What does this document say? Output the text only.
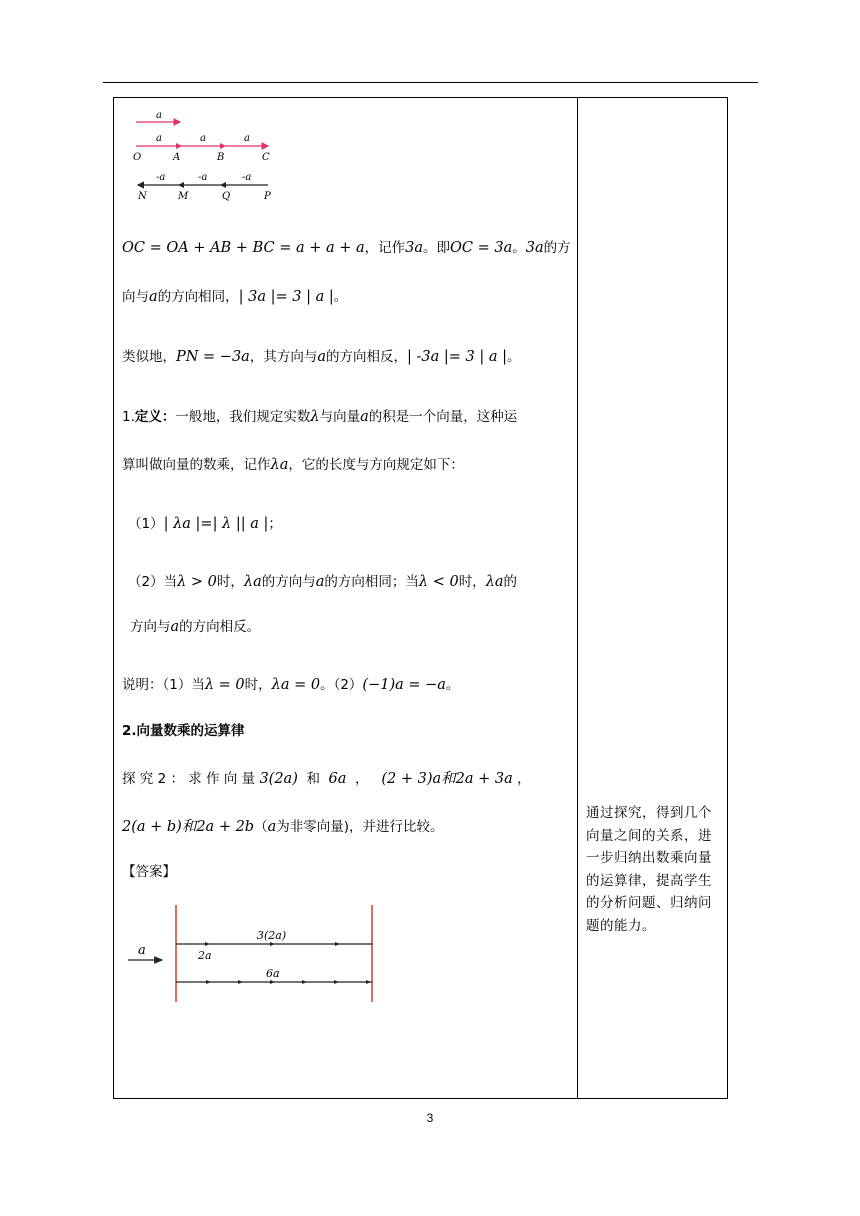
a
a	a	a
O	A	B	C
-a	-a	-a
N	M	Q	P
OC = OA + AB + BC = a + a + a，记作3a。即OC = 3a。3a的方
向与a的方向相同，| 3a |= 3 | a |。
类似地，PN = −3a，其方向与a的方向相反，| -3a |= 3 | a |。
1.定义：一般地，我们规定实数λ与向量a的积是一个向量，这种运
算叫做向量的数乘，记作λa，它的长度与方向规定如下：
（1）| λa |=| λ || a |；
（2）当λ > 0时，λa的方向与a的方向相同；当λ < 0时，λa的
方向与a的方向相反。
说明：（1）当λ = 0时，λa = 0。（2）(−1)a = −a。
2.向量数乘的运算律
探 究 2 ： 求 作 向 量 3(2a) 和 6a ， (2 + 3)a和2a + 3a ，
2(a + b)和2a + 2b（a为非零向量)，并进行比较。
【答案】
a
3(2a)
2a
6a
通过探究，得到几个向量之间的关系，进一步归纳出数乘向量的运算律，提高学生的分析问题、归纳问题的能力。
3
